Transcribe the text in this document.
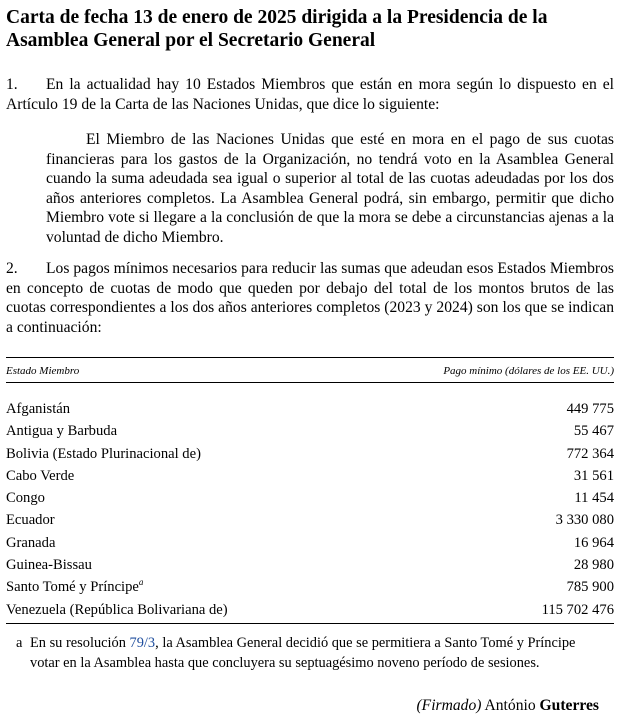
Carta de fecha 13 de enero de 2025 dirigida a la Presidencia de la Asamblea General por el Secretario General

1. En la actualidad hay 10 Estados Miembros que están en mora según lo dispuesto en el Artículo 19 de la Carta de las Naciones Unidas, que dice lo siguiente:

El Miembro de las Naciones Unidas que esté en mora en el pago de sus cuotas financieras para los gastos de la Organización, no tendrá voto en la Asamblea General cuando la suma adeudada sea igual o superior al total de las cuotas adeudadas por los dos años anteriores completos. La Asamblea General podrá, sin embargo, permitir que dicho Miembro vote si llegare a la conclusión de que la mora se debe a circunstancias ajenas a la voluntad de dicho Miembro.

2. Los pagos mínimos necesarios para reducir las sumas que adeudan esos Estados Miembros en concepto de cuotas de modo que queden por debajo del total de los montos brutos de las cuotas correspondientes a los dos años anteriores completos (2023 y 2024) son los que se indican a continuación:

Estado Miembro	Pago mínimo (dólares de los EE. UU.)
Afganistán	449 775
Antigua y Barbuda	55 467
Bolivia (Estado Plurinacional de)	772 364
Cabo Verde	31 561
Congo	11 454
Ecuador	3 330 080
Granada	16 964
Guinea-Bissau	28 980
Santo Tomé y Príncipe$^a$	785 900
Venezuela (República Bolivariana de)	115 702 476
a En su resolución 79/3, la Asamblea General decidió que se permitiera a Santo Tomé y Príncipe votar en la Asamblea hasta que concluyera su septuagésimo noveno período de sesiones.
(Firmado) António Guterres
